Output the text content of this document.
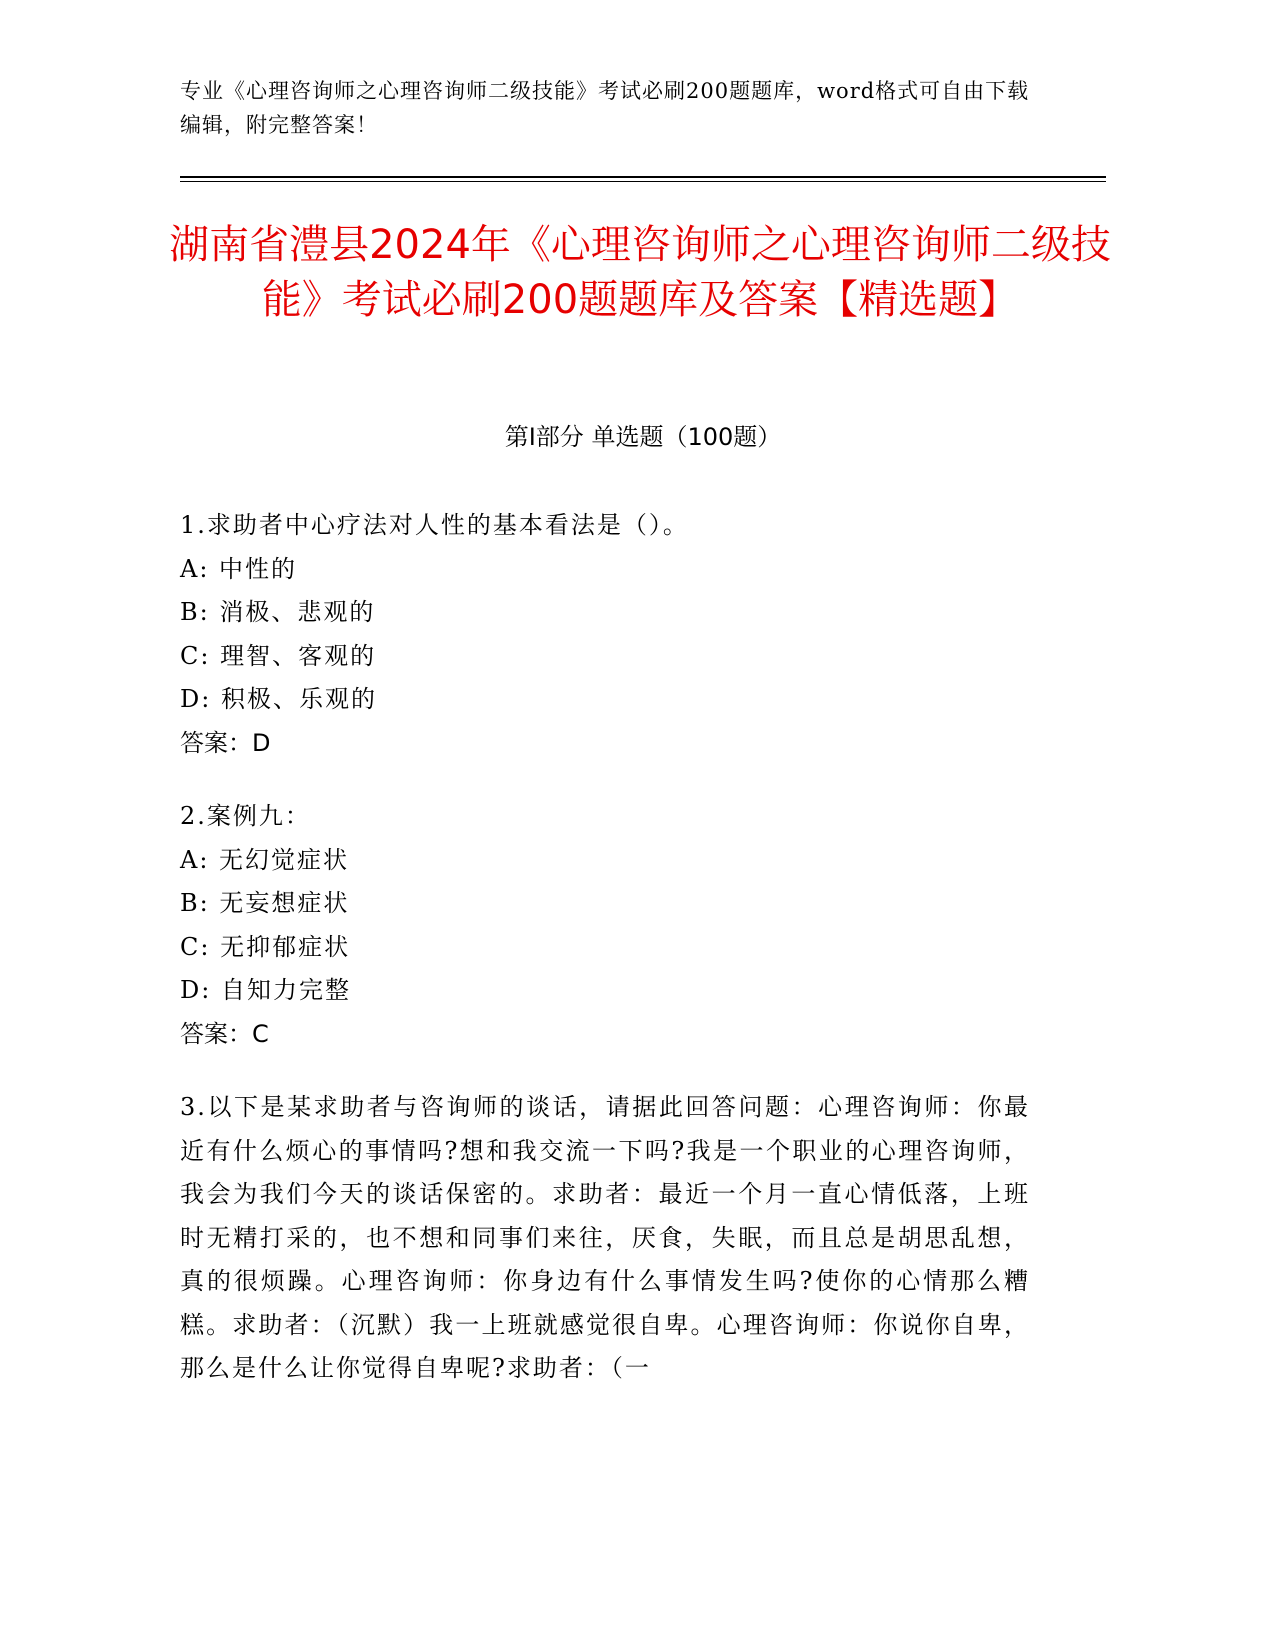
专业《心理咨询师之心理咨询师二级技能》考试必刷200题题库，word格式可自由下载编辑，附完整答案！
湖南省澧县2024年《心理咨询师之心理咨询师二级技能》考试必刷200题题库及答案【精选题】
第I部分 单选题（100题）
1.求助者中心疗法对人性的基本看法是（）。
A: 中性的
B: 消极、悲观的
C: 理智、客观的
D: 积极、乐观的
答案：D
2.案例九：
A: 无幻觉症状
B: 无妄想症状
C: 无抑郁症状
D: 自知力完整
答案：C
3.以下是某求助者与咨询师的谈话，请据此回答问题：心理咨询师：你最近有什么烦心的事情吗?想和我交流一下吗?我是一个职业的心理咨询师，我会为我们今天的谈话保密的。求助者：最近一个月一直心情低落，上班时无精打采的，也不想和同事们来往，厌食，失眠，而且总是胡思乱想，真的很烦躁。心理咨询师：你身边有什么事情发生吗?使你的心情那么糟糕。求助者：（沉默）我一上班就感觉很自卑。心理咨询师：你说你自卑，那么是什么让你觉得自卑呢?求助者：（一
